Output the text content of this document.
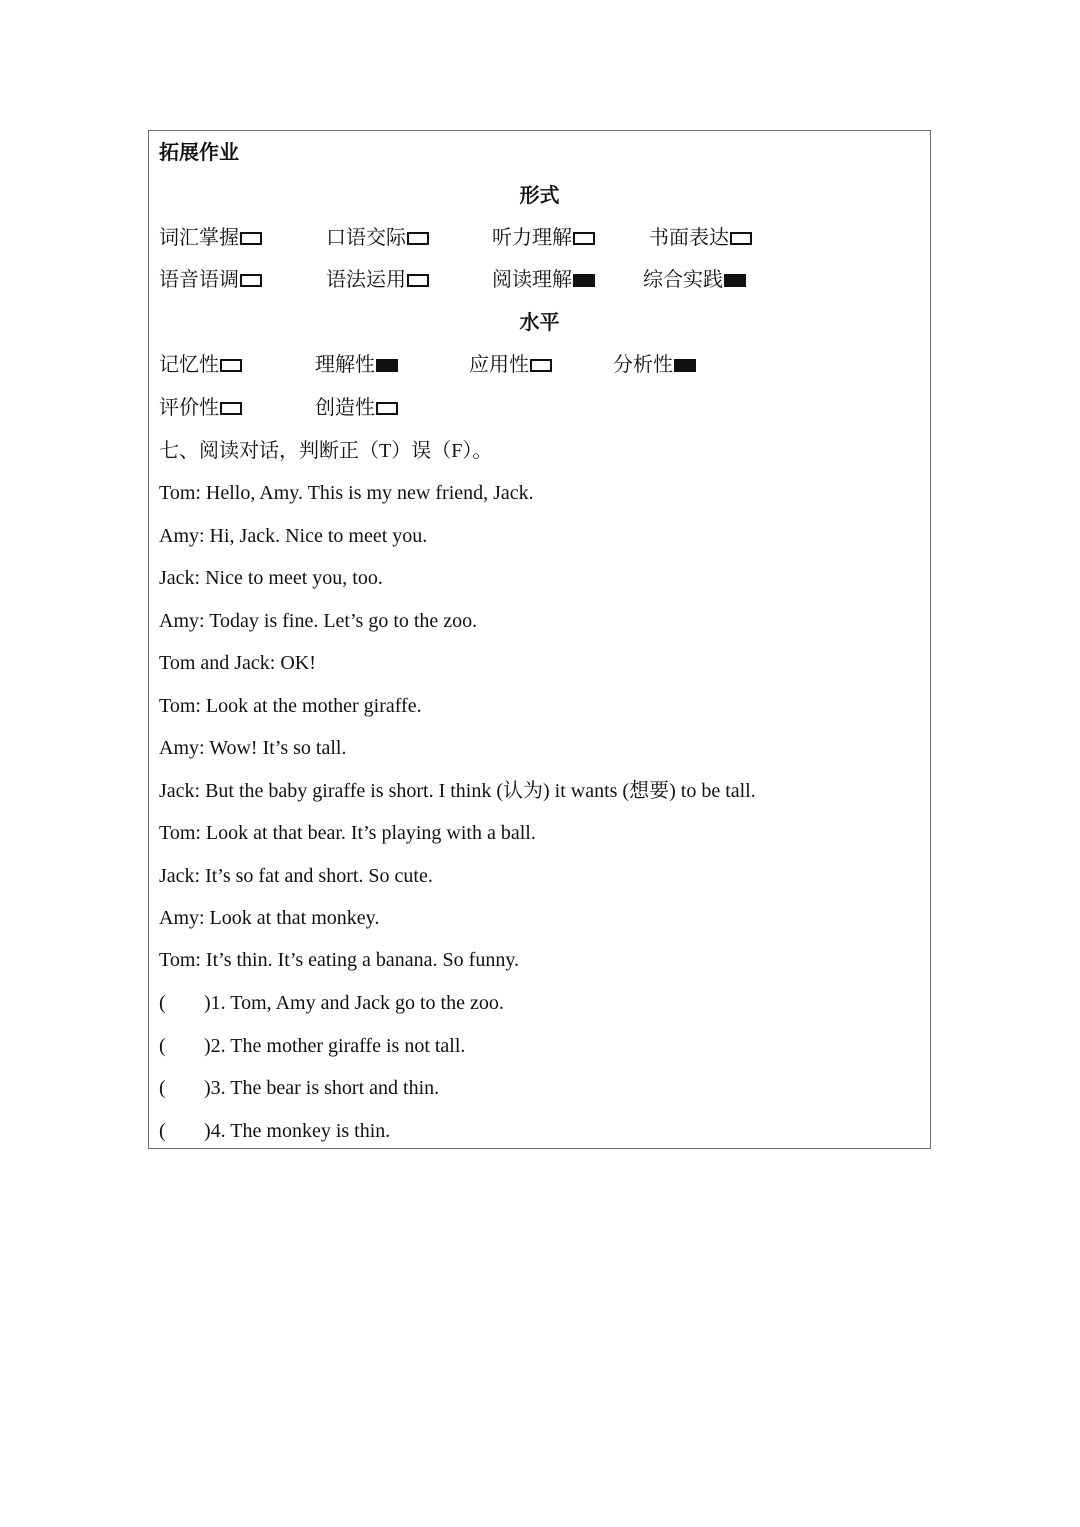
拓展作业
形式
词汇掌握	口语交际	听力理解	书面表达
语音语调	语法运用	阅读理解	综合实践
水平
记忆性	理解性	应用性	分析性
评价性	创造性
七、阅读对话，判断正（T）误（F）。
Tom: Hello, Amy. This is my new friend, Jack.
Amy: Hi, Jack. Nice to meet you.
Jack: Nice to meet you, too.
Amy: Today is fine. Let’s go to the zoo.
Tom and Jack: OK!
Tom: Look at the mother giraffe.
Amy: Wow! It’s so tall.
Jack: But the baby giraffe is short. I think (认为) it wants (想要) to be tall.
Tom: Look at that bear. It’s playing with a ball.
Jack: It’s so fat and short. So cute.
Amy: Look at that monkey.
Tom: It’s thin. It’s eating a banana. So funny.
( )1. Tom, Amy and Jack go to the zoo.
( )2. The mother giraffe is not tall.
( )3. The bear is short and thin.
( )4. The monkey is thin.
